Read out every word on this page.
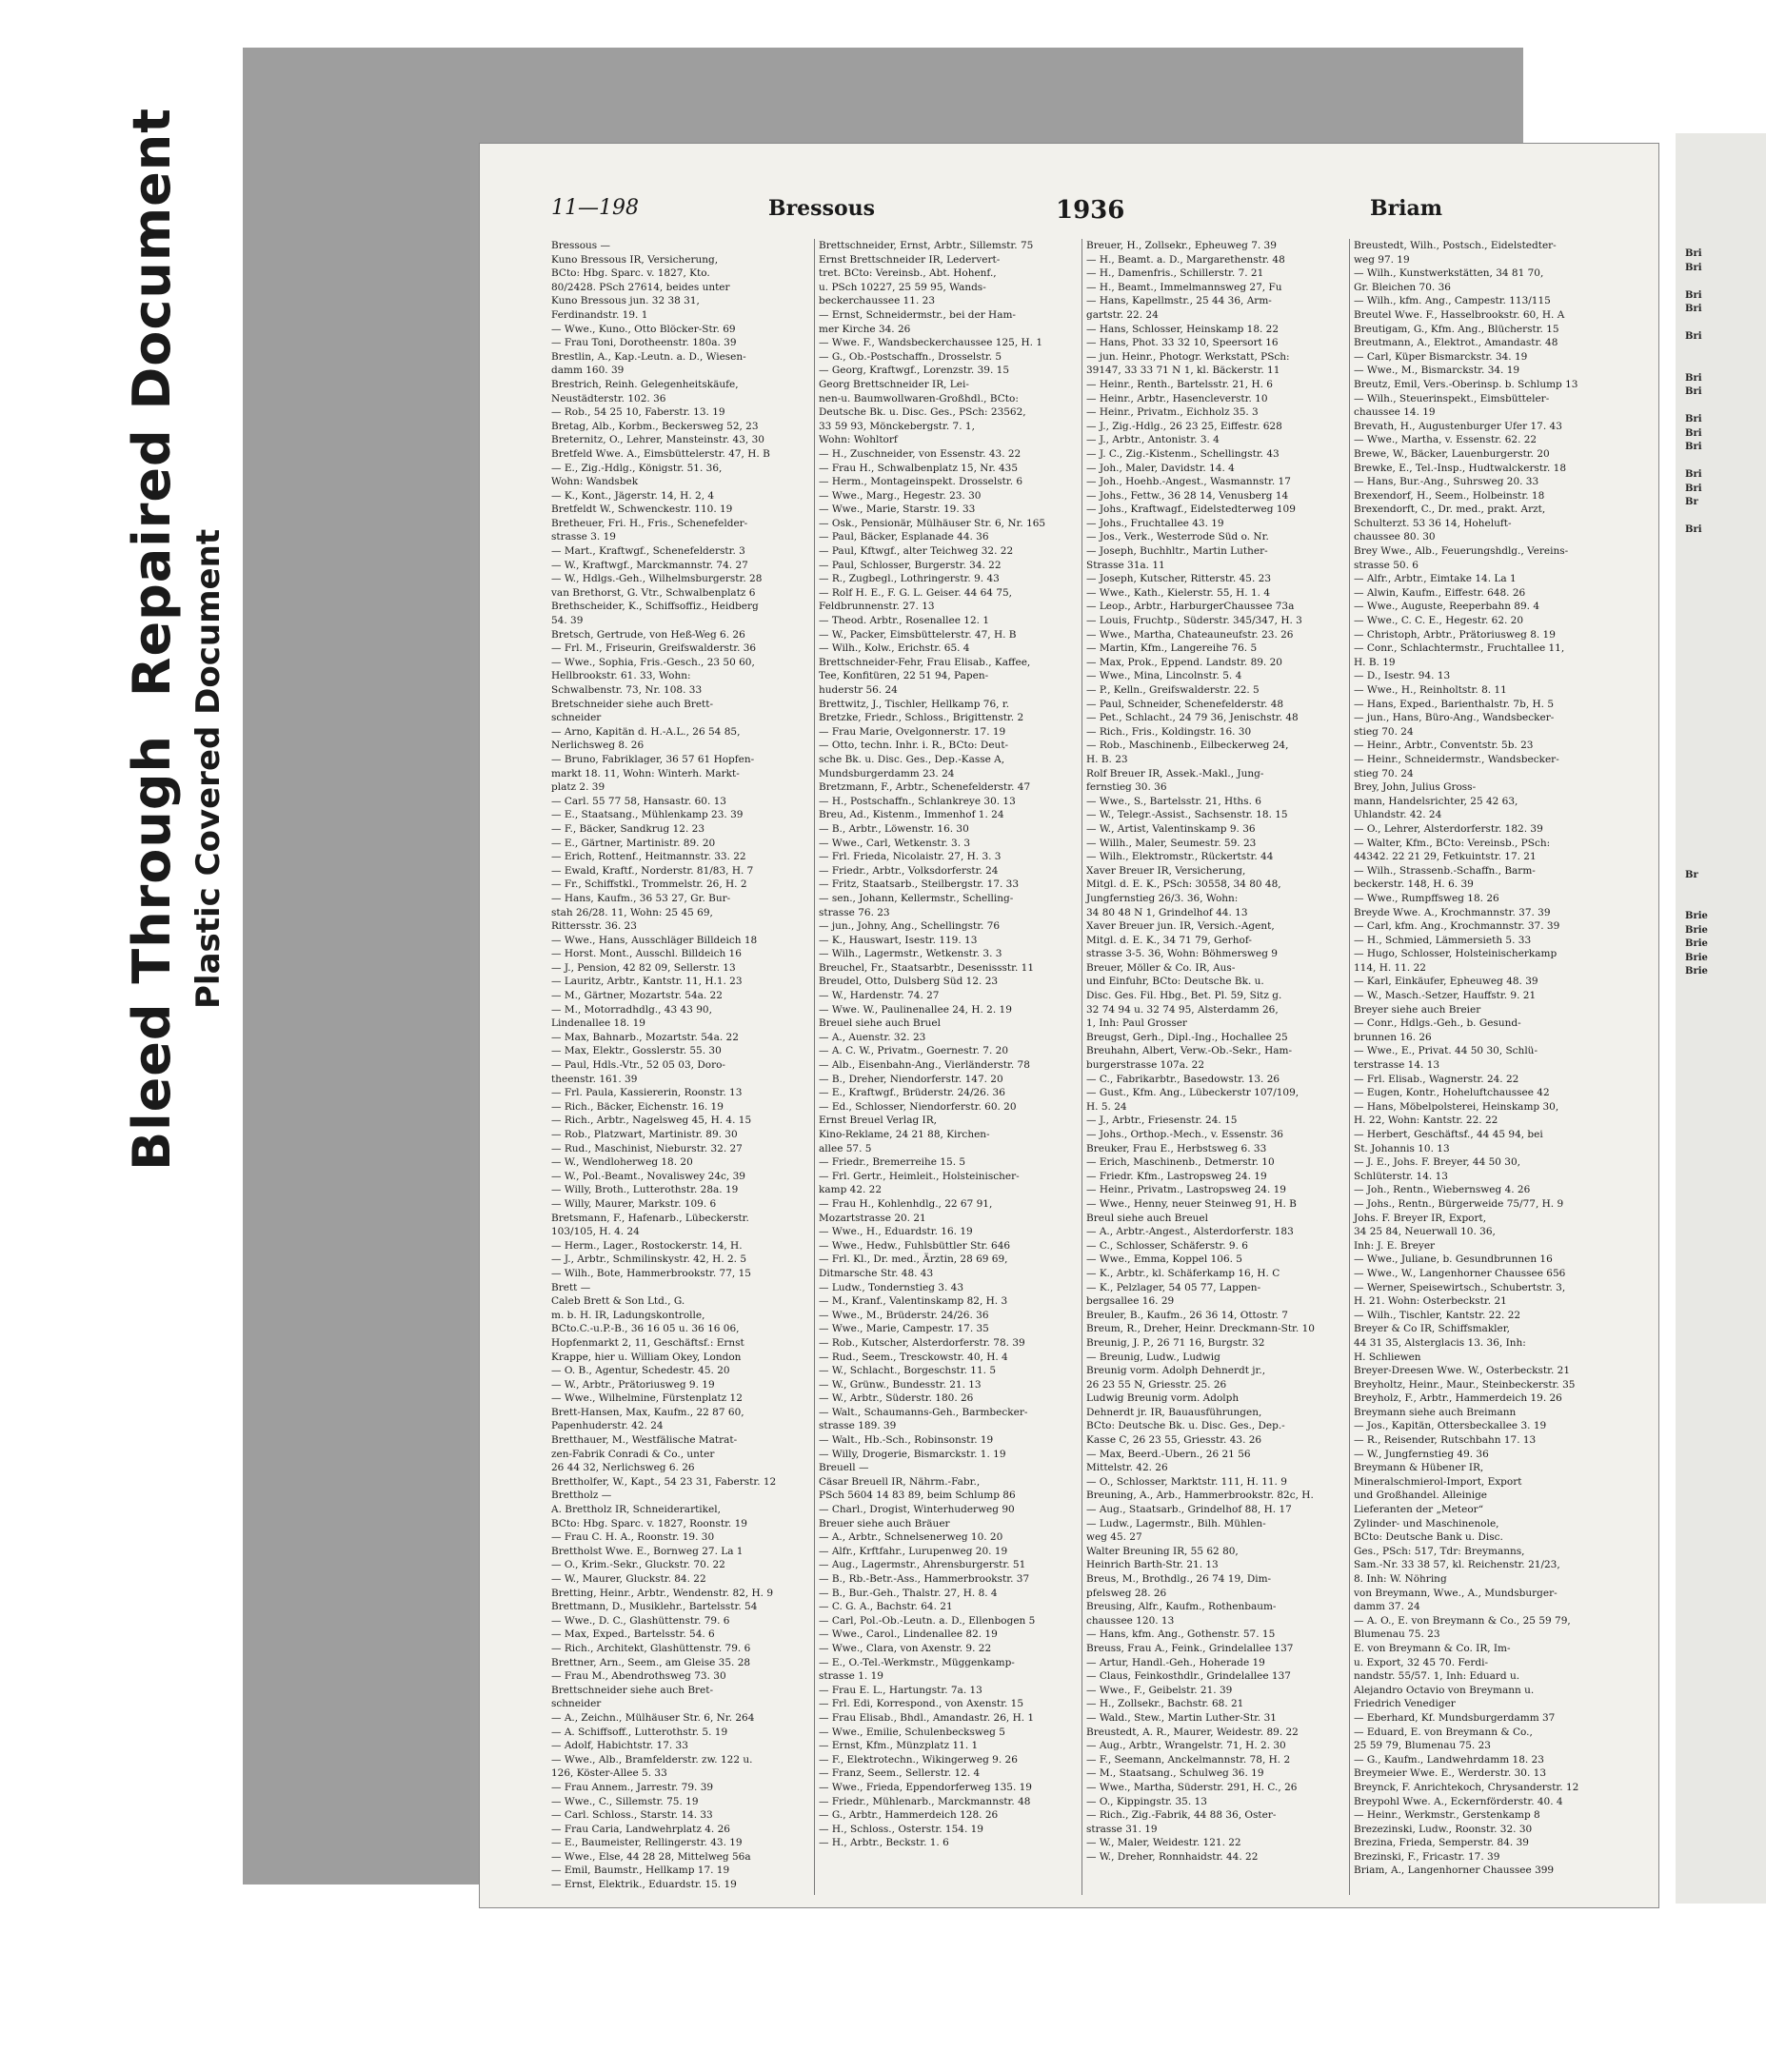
Bleed ThroughRepaired Document
Plastic Covered Document
11—198	Bressous	1936	Briam
Bressous —
Kuno Bressous IR, Versicherung,
BCto: Hbg. Sparc. v. 1827, Kto.
80/2428. PSch 27614, beides unter
Kuno Bressous jun. 32 38 31,
Ferdinandstr. 19. 1
— Wwe., Kuno., Otto Blöcker-Str. 69
— Frau Toni, Dorotheenstr. 180a. 39
Brestlin, A., Kap.-Leutn. a. D., Wiesen-
damm 160. 39
Brestrich, Reinh. Gelegenheitskäufe,
Neustädterstr. 102. 36
— Rob., 54 25 10, Faberstr. 13. 19
Bretag, Alb., Korbm., Beckersweg 52, 23
Breternitz, O., Lehrer, Mansteinstr. 43, 30
Bretfeld Wwe. A., Eimsbüttelerstr. 47, H. B
— E., Zig.-Hdlg., Königstr. 51. 36,
Wohn: Wandsbek
— K., Kont., Jägerstr. 14, H. 2, 4
Bretfeldt W., Schwenckestr. 110. 19
Bretheuer, Fri. H., Fris., Schenefelder-
strasse 3. 19
— Mart., Kraftwgf., Schenefelderstr. 3
— W., Kraftwgf., Marckmannstr. 74. 27
— W., Hdlgs.-Geh., Wilhelmsburgerstr. 28
van Brethorst, G. Vtr., Schwalbenplatz 6
Brethscheider, K., Schiffsoffiz., Heidberg
54. 39
Bretsch, Gertrude, von Heß-Weg 6. 26
— Frl. M., Friseurin, Greifswalderstr. 36
— Wwe., Sophia, Fris.-Gesch., 23 50 60,
Hellbrookstr. 61. 33, Wohn:
Schwalbenstr. 73, Nr. 108. 33
Bretschneider siehe auch Brett-
schneider
— Arno, Kapitän d. H.-A.L., 26 54 85,
Nerlichsweg 8. 26
— Bruno, Fabriklager, 36 57 61 Hopfen-
markt 18. 11, Wohn: Winterh. Markt-
platz 2. 39
— Carl. 55 77 58, Hansastr. 60. 13
— E., Staatsang., Mühlenkamp 23. 39
— F., Bäcker, Sandkrug 12. 23
— E., Gärtner, Martinistr. 89. 20
— Erich, Rottenf., Heitmannstr. 33. 22
— Ewald, Kraftf., Norderstr. 81/83, H. 7
— Fr., Schiffstkl., Trommelstr. 26, H. 2
— Hans, Kaufm., 36 53 27, Gr. Bur-
stah 26/28. 11, Wohn: 25 45 69,
Rittersstr. 36. 23
— Wwe., Hans, Ausschläger Billdeich 18
— Horst. Mont., Ausschl. Billdeich 16
— J., Pension, 42 82 09, Sellerstr. 13
— Lauritz, Arbtr., Kantstr. 11, H.1. 23
— M., Gärtner, Mozartstr. 54a. 22
— M., Motorradhdlg., 43 43 90,
Lindenallee 18. 19
— Max, Bahnarb., Mozartstr. 54a. 22
— Max, Elektr., Gosslerstr. 55. 30
— Paul, Hdls.-Vtr., 52 05 03, Doro-
theenstr. 161. 39
— Frl. Paula, Kassiererin, Roonstr. 13
— Rich., Bäcker, Eichenstr. 16. 19
— Rich., Arbtr., Nagelsweg 45, H. 4. 15
— Rob., Platzwart, Martinistr. 89. 30
— Rud., Maschinist, Nieburstr. 32. 27
— W., Wendloherweg 18. 20
— W., Pol.-Beamt., Novaliswey 24c, 39
— Willy, Broth., Lutterothstr. 28a. 19
— Willy, Maurer, Markstr. 109. 6
Bretsmann, F., Hafenarb., Lübeckerstr.
103/105, H. 4. 24
— Herm., Lager., Rostockerstr. 14, H.
— J., Arbtr., Schmilinskystr. 42, H. 2. 5
— Wilh., Bote, Hammerbrookstr. 77, 15
Brett —
Caleb Brett & Son Ltd., G.
m. b. H. IR, Ladungskontrolle,
BCto.C.-u.P.-B., 36 16 05 u. 36 16 06,
Hopfenmarkt 2, 11, Geschäftsf.: Ernst
Krappe, hier u. William Okey, London
— O. B., Agentur, Schedestr. 45. 20
— W., Arbtr., Prätoriusweg 9. 19
— Wwe., Wilhelmine, Fürstenplatz 12
Brett-Hansen, Max, Kaufm., 22 87 60,
Papenhuderstr. 42. 24
Bretthauer, M., Westfälische Matrat-
zen-Fabrik Conradi & Co., unter
26 44 32, Nerlichsweg 6. 26
Brettholfer, W., Kapt., 54 23 31, Faberstr. 12
Brettholz —
A. Brettholz IR, Schneiderartikel,
BCto: Hbg. Sparc. v. 1827, Roonstr. 19
— Frau C. H. A., Roonstr. 19. 30
Brettholst Wwe. E., Bornweg 27. La 1
— O., Krim.-Sekr., Gluckstr. 70. 22
— W., Maurer, Gluckstr. 84. 22
Bretting, Heinr., Arbtr., Wendenstr. 82, H. 9
Brettmann, D., Musiklehr., Bartelsstr. 54
— Wwe., D. C., Glashüttenstr. 79. 6
— Max, Exped., Bartelsstr. 54. 6
— Rich., Architekt, Glashüttenstr. 79. 6
Brettner, Arn., Seem., am Gleise 35. 28
— Frau M., Abendrothsweg 73. 30
Brettschneider siehe auch Bret-
schneider
— A., Zeichn., Mülhäuser Str. 6, Nr. 264
— A. Schiffsoff., Lutterothstr. 5. 19
— Adolf, Habichtstr. 17. 33
— Wwe., Alb., Bramfelderstr. zw. 122 u.
126, Köster-Allee 5. 33
— Frau Annem., Jarrestr. 79. 39
— Wwe., C., Sillemstr. 75. 19
— Carl. Schloss., Starstr. 14. 33
— Frau Caria, Landwehrplatz 4. 26
— E., Baumeister, Rellingerstr. 43. 19
— Wwe., Else, 44 28 28, Mittelweg 56a
— Emil, Baumstr., Hellkamp 17. 19
— Ernst, Elektrik., Eduardstr. 15. 19
Brettschneider, Ernst, Arbtr., Sillemstr. 75
Ernst Brettschneider IR, Ledervert-
tret. BCto: Vereinsb., Abt. Hohenf.,
u. PSch 10227, 25 59 95, Wands-
beckerchaussee 11. 23
— Ernst, Schneidermstr., bei der Ham-
mer Kirche 34. 26
— Wwe. F., Wandsbeckerchaussee 125, H. 1
— G., Ob.-Postschaffn., Drosselstr. 5
— Georg, Kraftwgf., Lorenzstr. 39. 15
Georg Brettschneider IR, Lei-
nen-u. Baumwollwaren-Großhdl., BCto:
Deutsche Bk. u. Disc. Ges., PSch: 23562,
33 59 93, Mönckebergstr. 7. 1,
Wohn: Wohltorf
— H., Zuschneider, von Essenstr. 43. 22
— Frau H., Schwalbenplatz 15, Nr. 435
— Herm., Montageinspekt. Drosselstr. 6
— Wwe., Marg., Hegestr. 23. 30
— Wwe., Marie, Starstr. 19. 33
— Osk., Pensionär, Mülhäuser Str. 6, Nr. 165
— Paul, Bäcker, Esplanade 44. 36
— Paul, Kftwgf., alter Teichweg 32. 22
— Paul, Schlosser, Burgerstr. 34. 22
— R., Zugbegl., Lothringerstr. 9. 43
— Rolf H. E., F. G. L. Geiser. 44 64 75,
Feldbrunnenstr. 27. 13
— Theod. Arbtr., Rosenallee 12. 1
— W., Packer, Eimsbüttelerstr. 47, H. B
— Wilh., Kolw., Erichstr. 65. 4
Brettschneider-Fehr, Frau Elisab., Kaffee,
Tee, Konfitüren, 22 51 94, Papen-
huderstr 56. 24
Brettwitz, J., Tischler, Hellkamp 76, r.
Bretzke, Friedr., Schloss., Brigittenstr. 2
— Frau Marie, Ovelgonnerstr. 17. 19
— Otto, techn. Inhr. i. R., BCto: Deut-
sche Bk. u. Disc. Ges., Dep.-Kasse A,
Mundsburgerdamm 23. 24
Bretzmann, F., Arbtr., Schenefelderstr. 47
— H., Postschaffn., Schlankreye 30. 13
Breu, Ad., Kistenm., Immenhof 1. 24
— B., Arbtr., Löwenstr. 16. 30
— Wwe., Carl, Wetkenstr. 3. 3
— Frl. Frieda, Nicolaistr. 27, H. 3. 3
— Friedr., Arbtr., Volksdorferstr. 24
— Fritz, Staatsarb., Steilbergstr. 17. 33
— sen., Johann, Kellermstr., Schelling-
strasse 76. 23
— jun., Johny, Ang., Schellingstr. 76
— K., Hauswart, Isestr. 119. 13
— Wilh., Lagermstr., Wetkenstr. 3. 3
Breuchel, Fr., Staatsarbtr., Desenissstr. 11
Breudel, Otto, Dulsberg Süd 12. 23
— W., Hardenstr. 74. 27
— Wwe. W., Paulinenallee 24, H. 2. 19
Breuel siehe auch Bruel
— A., Auenstr. 32. 23
— A. C. W., Privatm., Goernestr. 7. 20
— Alb., Eisenbahn-Ang., Vierländerstr. 78
— B., Dreher, Niendorferstr. 147. 20
— E., Kraftwgf., Brüderstr. 24/26. 36
— Ed., Schlosser, Niendorferstr. 60. 20
Ernst Breuel Verlag IR,
Kino-Reklame, 24 21 88, Kirchen-
allee 57. 5
— Friedr., Bremerreihe 15. 5
— Frl. Gertr., Heimleit., Holsteinischer-
kamp 42. 22
— Frau H., Kohlenhdlg., 22 67 91,
Mozartstrasse 20. 21
— Wwe., H., Eduardstr. 16. 19
— Wwe., Hedw., Fuhlsbüttler Str. 646
— Frl. Kl., Dr. med., Ärztin, 28 69 69,
Ditmarsche Str. 48. 43
— Ludw., Tondernstieg 3. 43
— M., Kranf., Valentinskamp 82, H. 3
— Wwe., M., Brüderstr. 24/26. 36
— Wwe., Marie, Campestr. 17. 35
— Rob., Kutscher, Alsterdorferstr. 78. 39
— Rud., Seem., Tresckowstr. 40, H. 4
— W., Schlacht., Borgeschstr. 11. 5
— W., Grünw., Bundesstr. 21. 13
— W., Arbtr., Süderstr. 180. 26
— Walt., Schaumanns-Geh., Barmbecker-
strasse 189. 39
— Walt., Hb.-Sch., Robinsonstr. 19
— Willy, Drogerie, Bismarckstr. 1. 19
Breuell —
Cäsar Breuell IR, Nährm.-Fabr.,
PSch 5604 14 83 89, beim Schlump 86
— Charl., Drogist, Winterhuderweg 90
Breuer siehe auch Bräuer
— A., Arbtr., Schnelsenerweg 10. 20
— Alfr., Krftfahr., Lurupenweg 20. 19
— Aug., Lagermstr., Ahrensburgerstr. 51
— B., Rb.-Betr.-Ass., Hammerbrookstr. 37
— B., Bur.-Geh., Thalstr. 27, H. 8. 4
— C. G. A., Bachstr. 64. 21
— Carl, Pol.-Ob.-Leutn. a. D., Ellenbogen 5
— Wwe., Carol., Lindenallee 82. 19
— Wwe., Clara, von Axenstr. 9. 22
— E., O.-Tel.-Werkmstr., Müggenkamp-
strasse 1. 19
— Frau E. L., Hartungstr. 7a. 13
— Frl. Edi, Korrespond., von Axenstr. 15
— Frau Elisab., Bhdl., Amandastr. 26, H. 1
— Wwe., Emilie, Schulenbecksweg 5
— Ernst, Kfm., Münzplatz 11. 1
— F., Elektrotechn., Wikingerweg 9. 26
— Franz, Seem., Sellerstr. 12. 4
— Wwe., Frieda, Eppendorferweg 135. 19
— Friedr., Mühlenarb., Marckmannstr. 48
— G., Arbtr., Hammerdeich 128. 26
— H., Schloss., Osterstr. 154. 19
— H., Arbtr., Beckstr. 1. 6
Breuer, H., Zollsekr., Epheuweg 7. 39
— H., Beamt. a. D., Margarethenstr. 48
— H., Damenfris., Schillerstr. 7. 21
— H., Beamt., Immelmannsweg 27, Fu
— Hans, Kapellmstr., 25 44 36, Arm-
gartstr. 22. 24
— Hans, Schlosser, Heinskamp 18. 22
— Hans, Phot. 33 32 10, Speersort 16
— jun. Heinr., Photogr. Werkstatt, PSch:
39147, 33 33 71 N 1, kl. Bäckerstr. 11
— Heinr., Renth., Bartelsstr. 21, H. 6
— Heinr., Arbtr., Hasencleverstr. 10
— Heinr., Privatm., Eichholz 35. 3
— J., Zig.-Hdlg., 26 23 25, Eiffestr. 628
— J., Arbtr., Antonistr. 3. 4
— J. C., Zig.-Kistenm., Schellingstr. 43
— Joh., Maler, Davidstr. 14. 4
— Joh., Hoehb.-Angest., Wasmannstr. 17
— Johs., Fettw., 36 28 14, Venusberg 14
— Johs., Kraftwagf., Eidelstedterweg 109
— Johs., Fruchtallee 43. 19
— Jos., Verk., Westerrode Süd o. Nr.
— Joseph, Buchhltr., Martin Luther-
Strasse 31a. 11
— Joseph, Kutscher, Ritterstr. 45. 23
— Wwe., Kath., Kielerstr. 55, H. 1. 4
— Leop., Arbtr., HarburgerChaussee 73a
— Louis, Fruchtp., Süderstr. 345/347, H. 3
— Wwe., Martha, Chateauneufstr. 23. 26
— Martin, Kfm., Langereihe 76. 5
— Max, Prok., Eppend. Landstr. 89. 20
— Wwe., Mina, Lincolnstr. 5. 4
— P., Kelln., Greifswalderstr. 22. 5
— Paul, Schneider, Schenefelderstr. 48
— Pet., Schlacht., 24 79 36, Jenischstr. 48
— Rich., Fris., Koldingstr. 16. 30
— Rob., Maschinenb., Eilbeckerweg 24,
H. B. 23
Rolf Breuer IR, Assek.-Makl., Jung-
fernstieg 30. 36
— Wwe., S., Bartelsstr. 21, Hths. 6
— W., Telegr.-Assist., Sachsenstr. 18. 15
— W., Artist, Valentinskamp 9. 36
— Willh., Maler, Seumestr. 59. 23
— Wilh., Elektromstr., Rückertstr. 44
Xaver Breuer IR, Versicherung,
Mitgl. d. E. K., PSch: 30558, 34 80 48,
Jungfernstieg 26/3. 36, Wohn:
34 80 48 N 1, Grindelhof 44. 13
Xaver Breuer jun. IR, Versich.-Agent,
Mitgl. d. E. K., 34 71 79, Gerhof-
strasse 3-5. 36, Wohn: Böhmersweg 9
Breuer, Möller & Co. IR, Aus-
und Einfuhr, BCto: Deutsche Bk. u.
Disc. Ges. Fil. Hbg., Bet. Pl. 59, Sitz g.
32 74 94 u. 32 74 95, Alsterdamm 26,
1, Inh: Paul Grosser
Breugst, Gerh., Dipl.-Ing., Hochallee 25
Breuhahn, Albert, Verw.-Ob.-Sekr., Ham-
burgerstrasse 107a. 22
— C., Fabrikarbtr., Basedowstr. 13. 26
— Gust., Kfm. Ang., Lübeckerstr 107/109,
H. 5. 24
— J., Arbtr., Friesenstr. 24. 15
— Johs., Orthop.-Mech., v. Essenstr. 36
Breuker, Frau E., Herbstsweg 6. 33
— Erich, Maschinenb., Detmerstr. 10
— Friedr. Kfm., Lastropsweg 24. 19
— Heinr., Privatm., Lastropsweg 24. 19
— Wwe., Henny, neuer Steinweg 91, H. B
Breul siehe auch Breuel
— A., Arbtr.-Angest., Alsterdorferstr. 183
— C., Schlosser, Schäferstr. 9. 6
— Wwe., Emma, Koppel 106. 5
— K., Arbtr., kl. Schäferkamp 16, H. C
— K., Pelzlager, 54 05 77, Lappen-
bergsallee 16. 29
Breuler, B., Kaufm., 26 36 14, Ottostr. 7
Breum, R., Dreher, Heinr. Dreckmann-Str. 10
Breunig, J. P., 26 71 16, Burgstr. 32
— Breunig, Ludw., Ludwig
Breunig vorm. Adolph Dehnerdt jr.,
26 23 55 N, Griesstr. 25. 26
Ludwig Breunig vorm. Adolph
Dehnerdt jr. IR, Bauausführungen,
BCto: Deutsche Bk. u. Disc. Ges., Dep.-
Kasse C, 26 23 55, Griesstr. 43. 26
— Max, Beerd.-Ubern., 26 21 56
Mittelstr. 42. 26
— O., Schlosser, Marktstr. 111, H. 11. 9
Breuning, A., Arb., Hammerbrookstr. 82c, H.
— Aug., Staatsarb., Grindelhof 88, H. 17
— Ludw., Lagermstr., Bilh. Mühlen-
weg 45. 27
Walter Breuning IR, 55 62 80,
Heinrich Barth-Str. 21. 13
Breus, M., Brothdlg., 26 74 19, Dim-
pfelsweg 28. 26
Breusing, Alfr., Kaufm., Rothenbaum-
chaussee 120. 13
— Hans, kfm. Ang., Gothenstr. 57. 15
Breuss, Frau A., Feink., Grindelallee 137
— Artur, Handl.-Geh., Hoherade 19
— Claus, Feinkosthdlr., Grindelallee 137
— Wwe., F., Geibelstr. 21. 39
— H., Zollsekr., Bachstr. 68. 21
— Wald., Stew., Martin Luther-Str. 31
Breustedt, A. R., Maurer, Weidestr. 89. 22
— Aug., Arbtr., Wrangelstr. 71, H. 2. 30
— F., Seemann, Anckelmannstr. 78, H. 2
— M., Staatsang., Schulweg 36. 19
— Wwe., Martha, Süderstr. 291, H. C., 26
— O., Kippingstr. 35. 13
— Rich., Zig.-Fabrik, 44 88 36, Oster-
strasse 31. 19
— W., Maler, Weidestr. 121. 22
— W., Dreher, Ronnhaidstr. 44. 22
Breustedt, Wilh., Postsch., Eidelstedter-
weg 97. 19
— Wilh., Kunstwerkstätten, 34 81 70,
Gr. Bleichen 70. 36
— Wilh., kfm. Ang., Campestr. 113/115
Breutel Wwe. F., Hasselbrookstr. 60, H. A
Breutigam, G., Kfm. Ang., Blücherstr. 15
Breutmann, A., Elektrot., Amandastr. 48
— Carl, Küper Bismarckstr. 34. 19
— Wwe., M., Bismarckstr. 34. 19
Breutz, Emil, Vers.-Oberinsp. b. Schlump 13
— Wilh., Steuerinspekt., Eimsbütteler-
chaussee 14. 19
Brevath, H., Augustenburger Ufer 17. 43
— Wwe., Martha, v. Essenstr. 62. 22
Brewe, W., Bäcker, Lauenburgerstr. 20
Brewke, E., Tel.-Insp., Hudtwalckerstr. 18
— Hans, Bur.-Ang., Suhrsweg 20. 33
Brexendorf, H., Seem., Holbeinstr. 18
Brexendorft, C., Dr. med., prakt. Arzt,
Schulterzt. 53 36 14, Hoheluft-
chaussee 80. 30
Brey Wwe., Alb., Feuerungshdlg., Vereins-
strasse 50. 6
— Alfr., Arbtr., Eimtake 14. La 1
— Alwin, Kaufm., Eiffestr. 648. 26
— Wwe., Auguste, Reeperbahn 89. 4
— Wwe., C. C. E., Hegestr. 62. 20
— Christoph, Arbtr., Prätoriusweg 8. 19
— Conr., Schlachtermstr., Fruchtallee 11,
H. B. 19
— D., Isestr. 94. 13
— Wwe., H., Reinholtstr. 8. 11
— Hans, Exped., Barienthalstr. 7b, H. 5
— jun., Hans, Büro-Ang., Wandsbecker-
stieg 70. 24
— Heinr., Arbtr., Conventstr. 5b. 23
— Heinr., Schneidermstr., Wandsbecker-
stieg 70. 24
Brey, John, Julius Gross-
mann, Handelsrichter, 25 42 63,
Uhlandstr. 42. 24
— O., Lehrer, Alsterdorferstr. 182. 39
— Walter, Kfm., BCto: Vereinsb., PSch:
44342. 22 21 29, Fetkuintstr. 17. 21
— Wilh., Strassenb.-Schaffn., Barm-
beckerstr. 148, H. 6. 39
— Wwe., Rumpffsweg 18. 26
Breyde Wwe. A., Krochmannstr. 37. 39
— Carl, kfm. Ang., Krochmannstr. 37. 39
— H., Schmied, Lämmersieth 5. 33
— Hugo, Schlosser, Holsteinischerkamp
114, H. 11. 22
— Karl, Einkäufer, Epheuweg 48. 39
— W., Masch.-Setzer, Hauffstr. 9. 21
Breyer siehe auch Breier
— Conr., Hdlgs.-Geh., b. Gesund-
brunnen 16. 26
— Wwe., E., Privat. 44 50 30, Schlü-
terstrasse 14. 13
— Frl. Elisab., Wagnerstr. 24. 22
— Eugen, Kontr., Hoheluftchaussee 42
— Hans, Möbelpolsterei, Heinskamp 30,
H. 22, Wohn: Kantstr. 22. 22
— Herbert, Geschäftsf., 44 45 94, bei
St. Johannis 10. 13
— J. E., Johs. F. Breyer, 44 50 30,
Schlüterstr. 14. 13
— Joh., Rentn., Wiebernsweg 4. 26
— Johs., Rentn., Bürgerweide 75/77, H. 9
Johs. F. Breyer IR, Export,
34 25 84, Neuerwall 10. 36,
Inh: J. E. Breyer
— Wwe., Juliane, b. Gesundbrunnen 16
— Wwe., W., Langenhorner Chaussee 656
— Werner, Speisewirtsch., Schubertstr. 3,
H. 21. Wohn: Osterbeckstr. 21
— Wilh., Tischler, Kantstr. 22. 22
Breyer & Co IR, Schiffsmakler,
44 31 35, Alsterglacis 13. 36, Inh:
H. Schliewen
Breyer-Dreesen Wwe. W., Osterbeckstr. 21
Breyholtz, Heinr., Maur., Steinbeckerstr. 35
Breyholz, F., Arbtr., Hammerdeich 19. 26
Breymann siehe auch Breimann
— Jos., Kapitän, Ottersbeckallee 3. 19
— R., Reisender, Rutschbahn 17. 13
— W., Jungfernstieg 49. 36
Breymann & Hübener IR,
Mineralschmierol-Import, Export
und Großhandel. Alleinige
Lieferanten der „Meteor“
Zylinder- und Maschinenole,
BCto: Deutsche Bank u. Disc.
Ges., PSch: 517, Tdr: Breymanns,
Sam.-Nr. 33 38 57, kl. Reichenstr. 21/23,
8. Inh: W. Nöhring
von Breymann, Wwe., A., Mundsburger-
damm 37. 24
— A. O., E. von Breymann & Co., 25 59 79,
Blumenau 75. 23
E. von Breymann & Co. IR, Im-
u. Export, 32 45 70. Ferdi-
nandstr. 55/57. 1, Inh: Eduard u.
Alejandro Octavio von Breymann u.
Friedrich Venediger
— Eberhard, Kf. Mundsburgerdamm 37
— Eduard, E. von Breymann & Co.,
25 59 79, Blumenau 75. 23
— G., Kaufm., Landwehrdamm 18. 23
Breymeier Wwe. E., Werderstr. 30. 13
Breynck, F. Anrichtekoch, Chrysanderstr. 12
Breypohl Wwe. A., Eckernförderstr. 40. 4
— Heinr., Werkmstr., Gerstenkamp 8
Brezezinski, Ludw., Roonstr. 32. 30
Brezina, Frieda, Semperstr. 84. 39
Brezinski, F., Fricastr. 17. 39
Briam, A., Langenhorner Chaussee 399
Bri
Bri

Bri
Bri

Bri

Bri
Bri

Bri
Bri
Bri

Bri
Bri
Br

Bri

Br

Brie
Brie
Brie
Brie
Brie
